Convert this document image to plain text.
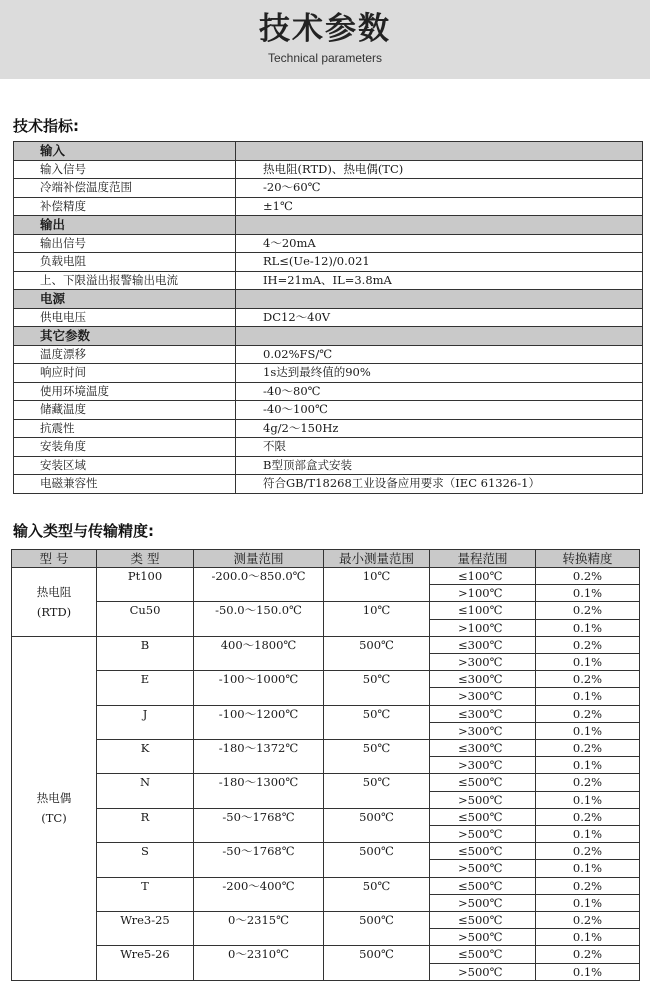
技术参数
Technical parameters
技术指标:
输入	
输入信号	热电阻(RTD)、热电偶(TC)
冷端补偿温度范围	-20～60℃
补偿精度	±1℃
输出	
输出信号	4～20mA
负载电阻	RL≤(Ue-12)/0.021
上、下限溢出报警输出电流	IH=21mA、IL=3.8mA
电源	
供电电压	DC12～40V
其它参数	
温度漂移	0.02%FS/℃
响应时间	1s达到最终值的90%
使用环境温度	-40～80℃
储藏温度	-40～100℃
抗震性	4g/2～150Hz
安装角度	不限
安装区域	B型顶部盒式安装
电磁兼容性	符合GB/T18268工业设备应用要求（IEC 61326-1）
输入类型与传输精度:
型 号	类 型	测量范围	最小测量范围	量程范围	转换精度

热电阻
(RTD)	Pt100	-200.0～850.0℃	10℃	≤100℃	0.2%
				>100℃	0.1%
	Cu50	-50.0～150.0℃	10℃	≤100℃	0.2%
				>100℃	0.1%

热电偶
(TC)	B	400～1800℃	500℃	≤300℃	0.2%
				>300℃	0.1%
	E	-100～1000℃	50℃	≤300℃	0.2%
				>300℃	0.1%
	J	-100～1200℃	50℃	≤300℃	0.2%
				>300℃	0.1%
	K	-180～1372℃	50℃	≤300℃	0.2%
				>300℃	0.1%
	N	-180～1300℃	50℃	≤500℃	0.2%
				>500℃	0.1%
	R	-50～1768℃	500℃	≤500℃	0.2%
				>500℃	0.1%
	S	-50～1768℃	500℃	≤500℃	0.2%
				>500℃	0.1%
	T	-200～400℃	50℃	≤500℃	0.2%
				>500℃	0.1%
	Wre3-25	0～2315℃	500℃	≤500℃	0.2%
				>500℃	0.1%
	Wre5-26	0～2310℃	500℃	≤500℃	0.2%
				>500℃	0.1%
